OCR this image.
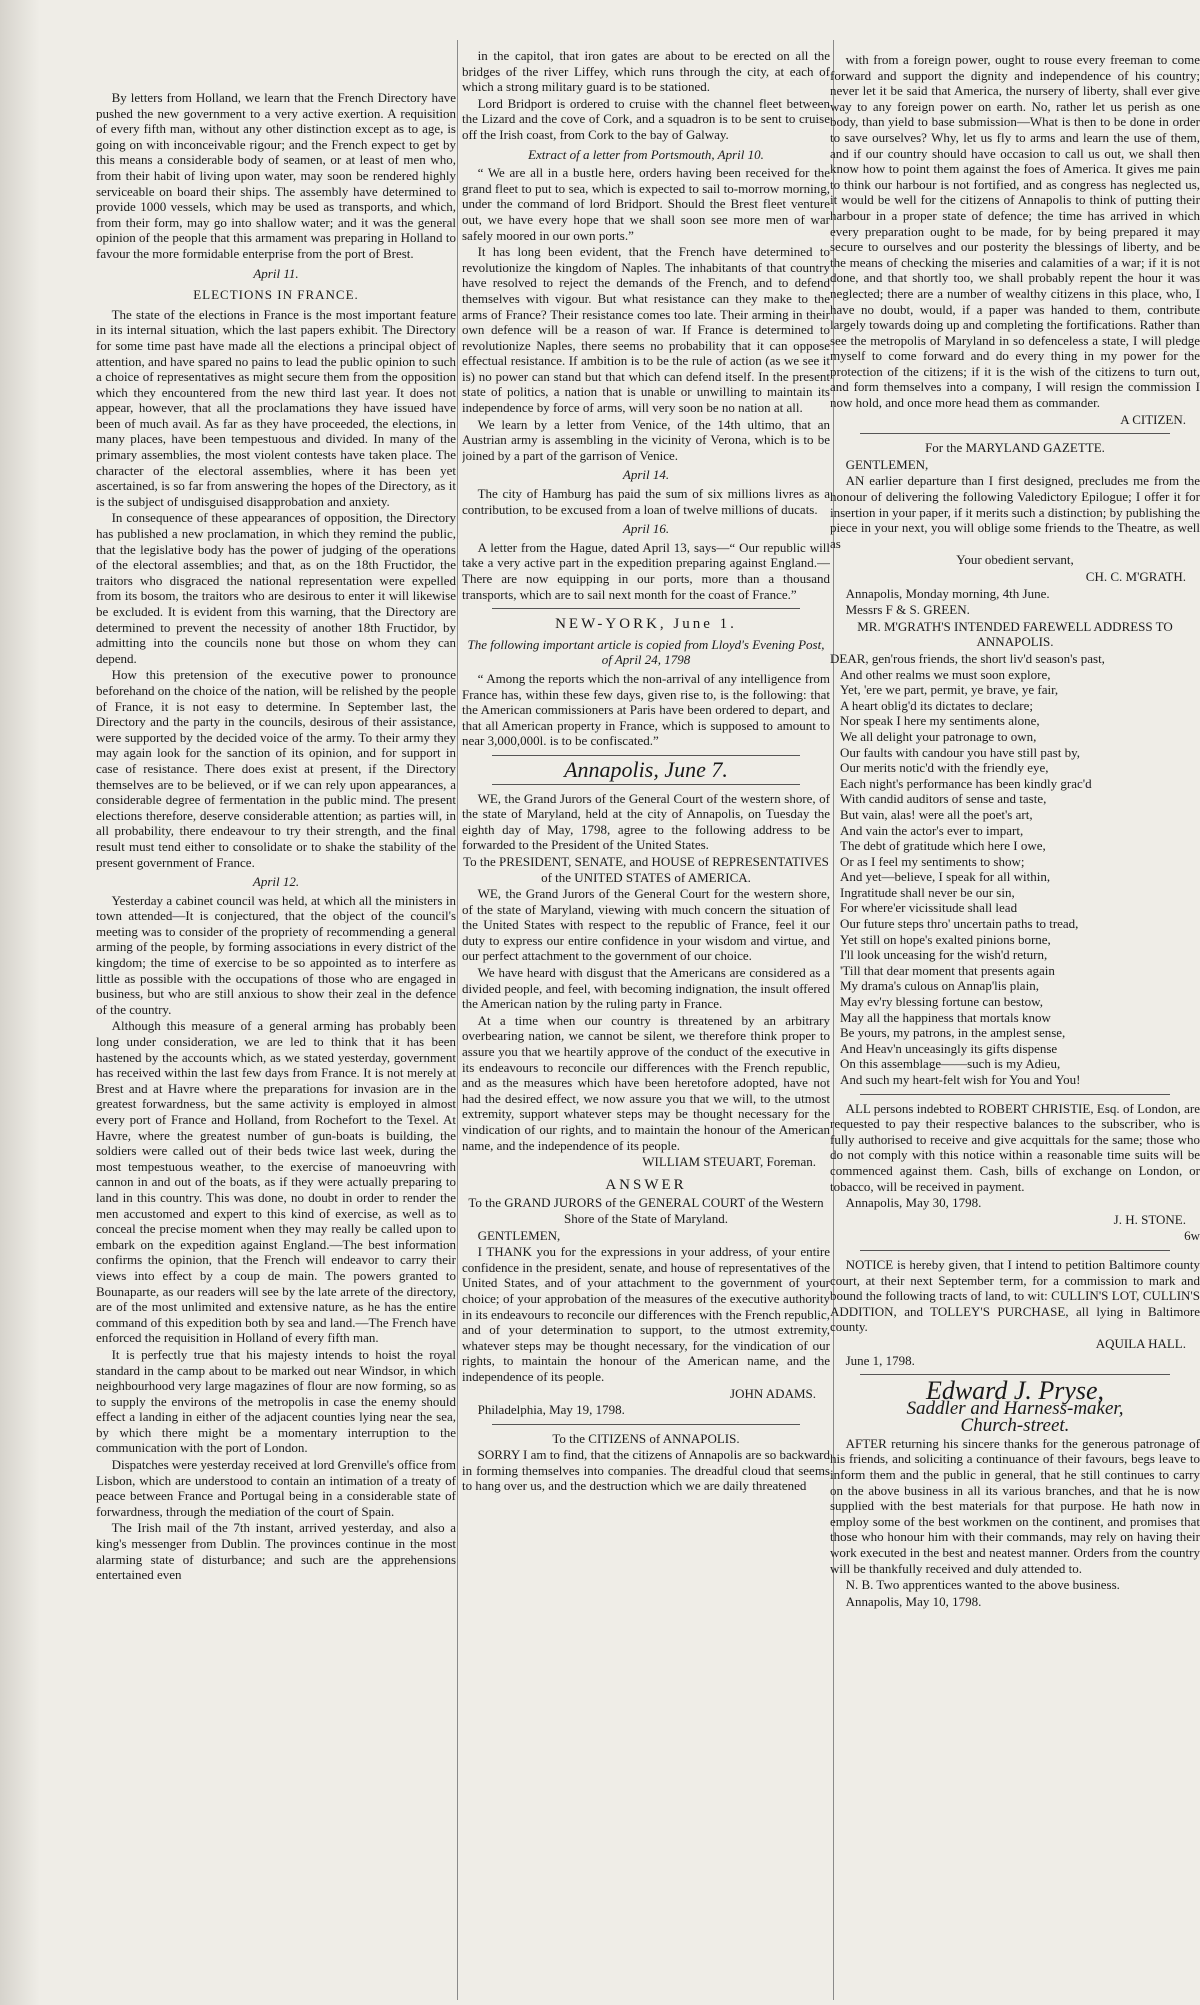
By letters from Holland, we learn that the French Directory have pushed the new government to a very active exertion. A requisition of every fifth man, without any other distinction except as to age, is going on with inconceivable rigour; and the French expect to get by this means a considerable body of seamen, or at least of men who, from their habit of living upon water, may soon be rendered highly serviceable on board their ships. The assembly have determined to provide 1000 vessels, which may be used as transports, and which, from their form, may go into shallow water; and it was the general opinion of the people that this armament was preparing in Holland to favour the more formidable enterprise from the port of Brest.

April 11.

ELECTIONS IN FRANCE.

The state of the elections in France is the most important feature in its internal situation, which the last papers exhibit. The Directory for some time past have made all the elections a principal object of attention, and have spared no pains to lead the public opinion to such a choice of representatives as might secure them from the opposition which they encountered from the new third last year. It does not appear, however, that all the proclamations they have issued have been of much avail. As far as they have proceeded, the elections, in many places, have been tempestuous and divided. In many of the primary assemblies, the most violent contests have taken place. The character of the electoral assemblies, where it has been yet ascertained, is so far from answering the hopes of the Directory, as it is the subject of undisguised disapprobation and anxiety.

In consequence of these appearances of opposition, the Directory has published a new proclamation, in which they remind the public, that the legislative body has the power of judging of the operations of the electoral assemblies; and that, as on the 18th Fructidor, the traitors who disgraced the national representation were expelled from its bosom, the traitors who are desirous to enter it will likewise be excluded. It is evident from this warning, that the Directory are determined to prevent the necessity of another 18th Fructidor, by admitting into the councils none but those on whom they can depend.

How this pretension of the executive power to pronounce beforehand on the choice of the nation, will be relished by the people of France, it is not easy to determine. In September last, the Directory and the party in the councils, desirous of their assistance, were supported by the decided voice of the army. To their army they may again look for the sanction of its opinion, and for support in case of resistance. There does exist at present, if the Directory themselves are to be believed, or if we can rely upon appearances, a considerable degree of fermentation in the public mind. The present elections therefore, deserve considerable attention; as parties will, in all probability, there endeavour to try their strength, and the final result must tend either to consolidate or to shake the stability of the present government of France.

April 12.

Yesterday a cabinet council was held, at which all the ministers in town attended—It is conjectured, that the object of the council's meeting was to consider of the propriety of recommending a general arming of the people, by forming associations in every district of the kingdom; the time of exercise to be so appointed as to interfere as little as possible with the occupations of those who are engaged in business, but who are still anxious to show their zeal in the defence of the country.

Although this measure of a general arming has probably been long under consideration, we are led to think that it has been hastened by the accounts which, as we stated yesterday, government has received within the last few days from France. It is not merely at Brest and at Havre where the preparations for invasion are in the greatest forwardness, but the same activity is employed in almost every port of France and Holland, from Rochefort to the Texel. At Havre, where the greatest number of gun-boats is building, the soldiers were called out of their beds twice last week, during the most tempestuous weather, to the exercise of manoeuvring with cannon in and out of the boats, as if they were actually preparing to land in this country. This was done, no doubt in order to render the men accustomed and expert to this kind of exercise, as well as to conceal the precise moment when they may really be called upon to embark on the expedition against England.—The best information confirms the opinion, that the French will endeavor to carry their views into effect by a coup de main. The powers granted to Bounaparte, as our readers will see by the late arrete of the directory, are of the most unlimited and extensive nature, as he has the entire command of this expedition both by sea and land.—The French have enforced the requisition in Holland of every fifth man.

It is perfectly true that his majesty intends to hoist the royal standard in the camp about to be marked out near Windsor, in which neighbourhood very large magazines of flour are now forming, so as to supply the environs of the metropolis in case the enemy should effect a landing in either of the adjacent counties lying near the sea, by which there might be a momentary interruption to the communication with the port of London.

Dispatches were yesterday received at lord Grenville's office from Lisbon, which are understood to contain an intimation of a treaty of peace between France and Portugal being in a considerable state of forwardness, through the mediation of the court of Spain.

The Irish mail of the 7th instant, arrived yesterday, and also a king's messenger from Dublin. The provinces continue in the most alarming state of disturbance; and such are the apprehensions entertained even

in the capitol, that iron gates are about to be erected on all the bridges of the river Liffey, which runs through the city, at each of which a strong military guard is to be stationed.

Lord Bridport is ordered to cruise with the channel fleet between the Lizard and the cove of Cork, and a squadron is to be sent to cruise off the Irish coast, from Cork to the bay of Galway.

Extract of a letter from Portsmouth, April 10.

“ We are all in a bustle here, orders having been received for the grand fleet to put to sea, which is expected to sail to-morrow morning, under the command of lord Bridport. Should the Brest fleet venture out, we have every hope that we shall soon see more men of war safely moored in our own ports.”

It has long been evident, that the French have determined to revolutionize the kingdom of Naples. The inhabitants of that country have resolved to reject the demands of the French, and to defend themselves with vigour. But what resistance can they make to the arms of France? Their resistance comes too late. Their arming in their own defence will be a reason of war. If France is determined to revolutionize Naples, there seems no probability that it can oppose effectual resistance. If ambition is to be the rule of action (as we see it is) no power can stand but that which can defend itself. In the present state of politics, a nation that is unable or unwilling to maintain its independence by force of arms, will very soon be no nation at all.

We learn by a letter from Venice, of the 14th ultimo, that an Austrian army is assembling in the vicinity of Verona, which is to be joined by a part of the garrison of Venice.

April 14.

The city of Hamburg has paid the sum of six millions livres as a contribution, to be excused from a loan of twelve millions of ducats.

April 16.

A letter from the Hague, dated April 13, says—“ Our republic will take a very active part in the expedition preparing against England.—There are now equipping in our ports, more than a thousand transports, which are to sail next month for the coast of France.”

NEW-YORK, June 1.

The following important article is copied from Lloyd's Evening Post, of April 24, 1798

“ Among the reports which the non-arrival of any intelligence from France has, within these few days, given rise to, is the following: that the American commissioners at Paris have been ordered to depart, and that all American property in France, which is supposed to amount to near 3,000,000l. is to be confiscated.”

Annapolis, June 7.

WE, the Grand Jurors of the General Court of the western shore, of the state of Maryland, held at the city of Annapolis, on Tuesday the eighth day of May, 1798, agree to the following address to be forwarded to the President of the United States.

To the PRESIDENT, SENATE, and HOUSE of REPRESENTATIVES of the UNITED STATES of AMERICA.

WE, the Grand Jurors of the General Court for the western shore, of the state of Maryland, viewing with much concern the situation of the United States with respect to the republic of France, feel it our duty to express our entire confidence in your wisdom and virtue, and our perfect attachment to the government of our choice.

We have heard with disgust that the Americans are considered as a divided people, and feel, with becoming indignation, the insult offered the American nation by the ruling party in France.

At a time when our country is threatened by an arbitrary overbearing nation, we cannot be silent, we therefore think proper to assure you that we heartily approve of the conduct of the executive in its endeavours to reconcile our differences with the French republic, and as the measures which have been heretofore adopted, have not had the desired effect, we now assure you that we will, to the utmost extremity, support whatever steps may be thought necessary for the vindication of our rights, and to maintain the honour of the American name, and the independence of its people.

WILLIAM STEUART, Foreman.

ANSWER

To the GRAND JURORS of the GENERAL COURT of the Western Shore of the State of Maryland.

GENTLEMEN,

I THANK you for the expressions in your address, of your entire confidence in the president, senate, and house of representatives of the United States, and of your attachment to the government of your choice; of your approbation of the measures of the executive authority in its endeavours to reconcile our differences with the French republic, and of your determination to support, to the utmost extremity, whatever steps may be thought necessary, for the vindication of our rights, to maintain the honour of the American name, and the independence of its people.

JOHN ADAMS.

Philadelphia, May 19, 1798.

To the CITIZENS of ANNAPOLIS.

SORRY I am to find, that the citizens of Annapolis are so backward in forming themselves into companies. The dreadful cloud that seems to hang over us, and the destruction which we are daily threatened

with from a foreign power, ought to rouse every freeman to come forward and support the dignity and independence of his country; never let it be said that America, the nursery of liberty, shall ever give way to any foreign power on earth. No, rather let us perish as one body, than yield to base submission—What is then to be done in order to save ourselves? Why, let us fly to arms and learn the use of them, and if our country should have occasion to call us out, we shall then know how to point them against the foes of America. It gives me pain to think our harbour is not fortified, and as congress has neglected us, it would be well for the citizens of Annapolis to think of putting their harbour in a proper state of defence; the time has arrived in which every preparation ought to be made, for by being prepared it may secure to ourselves and our posterity the blessings of liberty, and be the means of checking the miseries and calamities of a war; if it is not done, and that shortly too, we shall probably repent the hour it was neglected; there are a number of wealthy citizens in this place, who, I have no doubt, would, if a paper was handed to them, contribute largely towards doing up and completing the fortifications. Rather than see the metropolis of Maryland in so defenceless a state, I will pledge myself to come forward and do every thing in my power for the protection of the citizens; if it is the wish of the citizens to turn out, and form themselves into a company, I will resign the commission I now hold, and once more head them as commander.

A CITIZEN.

For the MARYLAND GAZETTE.

GENTLEMEN,

AN earlier departure than I first designed, precludes me from the honour of delivering the following Valedictory Epilogue; I offer it for insertion in your paper, if it merits such a distinction; by publishing the piece in your next, you will oblige some friends to the Theatre, as well as

Your obedient servant,

CH. C. M'GRATH.

Annapolis, Monday morning, 4th June.

Messrs F & S. GREEN.

MR. M'GRATH'S INTENDED FAREWELL ADDRESS TO ANNAPOLIS.

DEAR, gen'rous friends, the short liv'd season's past,

And other realms we must soon explore,

Yet, 'ere we part, permit, ye brave, ye fair,

A heart oblig'd its dictates to declare;

Nor speak I here my sentiments alone,

We all delight your patronage to own,

Our faults with candour you have still past by,

Our merits notic'd with the friendly eye,

Each night's performance has been kindly grac'd

With candid auditors of sense and taste,

But vain, alas! were all the poet's art,

And vain the actor's ever to impart,

The debt of gratitude which here I owe,

Or as I feel my sentiments to show;

And yet—believe, I speak for all within,

Ingratitude shall never be our sin,

For where'er vicissitude shall lead

Our future steps thro' uncertain paths to tread,

Yet still on hope's exalted pinions borne,

I'll look unceasing for the wish'd return,

'Till that dear moment that presents again

My drama's culous on Annap'lis plain,

May ev'ry blessing fortune can bestow,

May all the happiness that mortals know

Be yours, my patrons, in the amplest sense,

And Heav'n unceasingly its gifts dispense

On this assemblage——such is my Adieu,

And such my heart-felt wish for You and You!

ALL persons indebted to ROBERT CHRISTIE, Esq. of London, are requested to pay their respective balances to the subscriber, who is fully authorised to receive and give acquittals for the same; those who do not comply with this notice within a reasonable time suits will be commenced against them. Cash, bills of exchange on London, or tobacco, will be received in payment.

Annapolis, May 30, 1798.

J. H. STONE.

6w

NOTICE is hereby given, that I intend to petition Baltimore county court, at their next September term, for a commission to mark and bound the following tracts of land, to wit: CULLIN'S LOT, CULLIN'S ADDITION, and TOLLEY'S PURCHASE, all lying in Baltimore county.

AQUILA HALL.

June 1, 1798.

Edward J. Pryse,

Saddler and Harness-maker,

Church-street.

AFTER returning his sincere thanks for the generous patronage of his friends, and soliciting a continuance of their favours, begs leave to inform them and the public in general, that he still continues to carry on the above business in all its various branches, and that he is now supplied with the best materials for that purpose. He hath now in employ some of the best workmen on the continent, and promises that those who honour him with their commands, may rely on having their work executed in the best and neatest manner. Orders from the country will be thankfully received and duly attended to.

N. B. Two apprentices wanted to the above business.

Annapolis, May 10, 1798.
